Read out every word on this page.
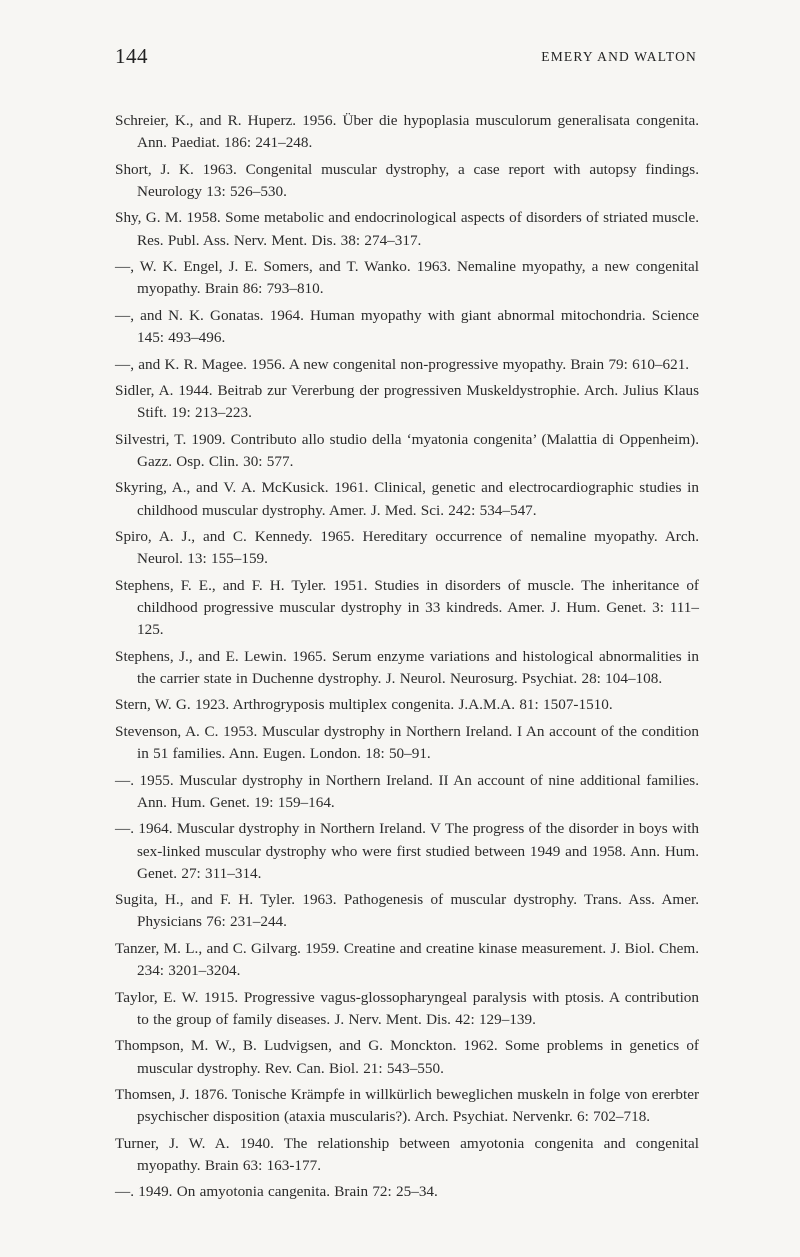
144	EMERY AND WALTON

Schreier, K., and R. Huperz. 1956. Über die hypoplasia musculorum generalisata congenita. Ann. Paediat. 186: 241–248.

Short, J. K. 1963. Congenital muscular dystrophy, a case report with autopsy findings. Neurology 13: 526–530.

Shy, G. M. 1958. Some metabolic and endocrinological aspects of disorders of striated muscle. Res. Publ. Ass. Nerv. Ment. Dis. 38: 274–317.

—, W. K. Engel, J. E. Somers, and T. Wanko. 1963. Nemaline myopathy, a new congenital myopathy. Brain 86: 793–810.

—, and N. K. Gonatas. 1964. Human myopathy with giant abnormal mitochondria. Science 145: 493–496.

—, and K. R. Magee. 1956. A new congenital non-progressive myopathy. Brain 79: 610–621.

Sidler, A. 1944. Beitrab zur Vererbung der progressiven Muskeldystrophie. Arch. Julius Klaus Stift. 19: 213–223.

Silvestri, T. 1909. Contributo allo studio della ‘myatonia congenita’ (Malattia di Oppenheim). Gazz. Osp. Clin. 30: 577.

Skyring, A., and V. A. McKusick. 1961. Clinical, genetic and electrocardiographic studies in childhood muscular dystrophy. Amer. J. Med. Sci. 242: 534–547.

Spiro, A. J., and C. Kennedy. 1965. Hereditary occurrence of nemaline myopathy. Arch. Neurol. 13: 155–159.

Stephens, F. E., and F. H. Tyler. 1951. Studies in disorders of muscle. The inheritance of childhood progressive muscular dystrophy in 33 kindreds. Amer. J. Hum. Genet. 3: 111–125.

Stephens, J., and E. Lewin. 1965. Serum enzyme variations and histological abnormalities in the carrier state in Duchenne dystrophy. J. Neurol. Neurosurg. Psychiat. 28: 104–108.

Stern, W. G. 1923. Arthrogryposis multiplex congenita. J.A.M.A. 81: 1507-1510.

Stevenson, A. C. 1953. Muscular dystrophy in Northern Ireland. I An account of the condition in 51 families. Ann. Eugen. London. 18: 50–91.

—. 1955. Muscular dystrophy in Northern Ireland. II An account of nine additional families. Ann. Hum. Genet. 19: 159–164.

—. 1964. Muscular dystrophy in Northern Ireland. V The progress of the disorder in boys with sex-linked muscular dystrophy who were first studied between 1949 and 1958. Ann. Hum. Genet. 27: 311–314.

Sugita, H., and F. H. Tyler. 1963. Pathogenesis of muscular dystrophy. Trans. Ass. Amer. Physicians 76: 231–244.

Tanzer, M. L., and C. Gilvarg. 1959. Creatine and creatine kinase measurement. J. Biol. Chem. 234: 3201–3204.

Taylor, E. W. 1915. Progressive vagus-glossopharyngeal paralysis with ptosis. A contribution to the group of family diseases. J. Nerv. Ment. Dis. 42: 129–139.

Thompson, M. W., B. Ludvigsen, and G. Monckton. 1962. Some problems in genetics of muscular dystrophy. Rev. Can. Biol. 21: 543–550.

Thomsen, J. 1876. Tonische Krämpfe in willkürlich beweglichen muskeln in folge von ererbter psychischer disposition (ataxia muscularis?). Arch. Psychiat. Nervenkr. 6: 702–718.

Turner, J. W. A. 1940. The relationship between amyotonia congenita and congenital myopathy. Brain 63: 163-177.

—. 1949. On amyotonia cangenita. Brain 72: 25–34.
